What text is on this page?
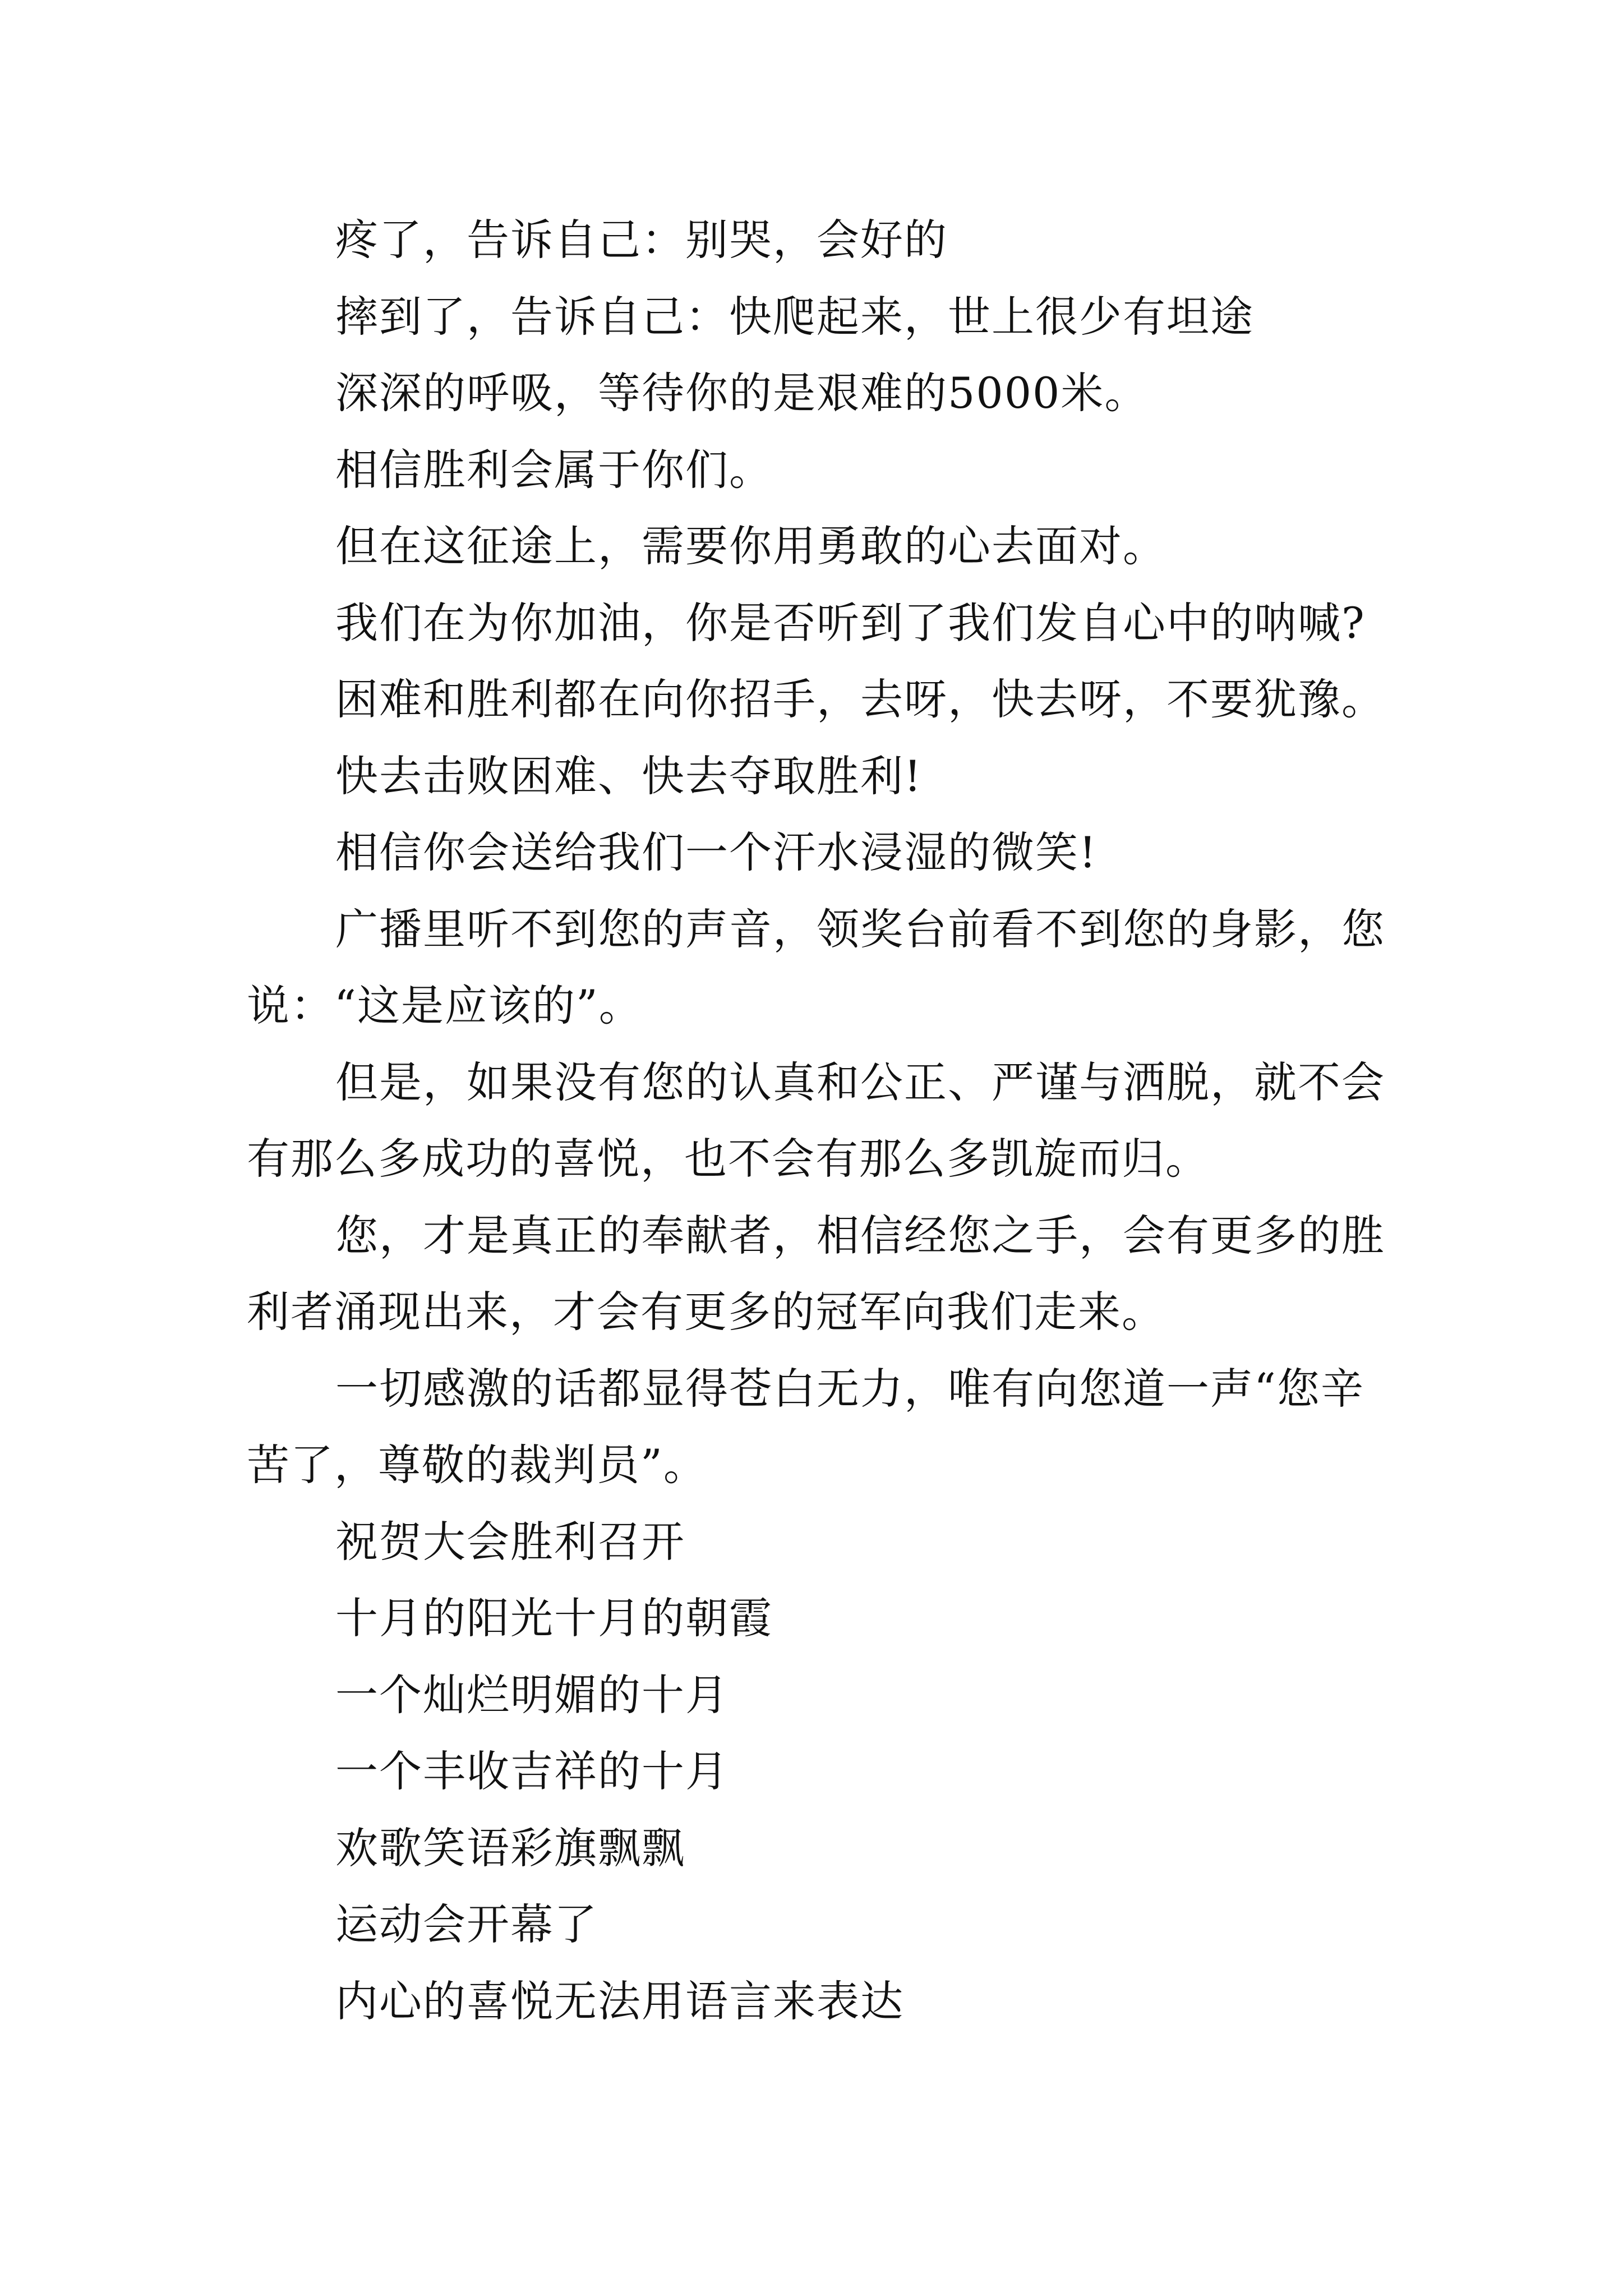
疼了，告诉自己：别哭，会好的
摔到了，告诉自己：快爬起来，世上很少有坦途
深深的呼吸，等待你的是艰难的5000米。
相信胜利会属于你们。
但在这征途上，需要你用勇敢的心去面对。
我们在为你加油，你是否听到了我们发自心中的呐喊?
困难和胜利都在向你招手，去呀，快去呀，不要犹豫。
快去击败困难、快去夺取胜利!
相信你会送给我们一个汗水浸湿的微笑!
广播里听不到您的声音，领奖台前看不到您的身影，您
说：“这是应该的”。
但是，如果没有您的认真和公正、严谨与洒脱，就不会
有那么多成功的喜悦，也不会有那么多凯旋而归。
您，才是真正的奉献者，相信经您之手，会有更多的胜
利者涌现出来，才会有更多的冠军向我们走来。
一切感激的话都显得苍白无力，唯有向您道一声“您辛
苦了，尊敬的裁判员”。
祝贺大会胜利召开
十月的阳光十月的朝霞
一个灿烂明媚的十月
一个丰收吉祥的十月
欢歌笑语彩旗飘飘
运动会开幕了
内心的喜悦无法用语言来表达
